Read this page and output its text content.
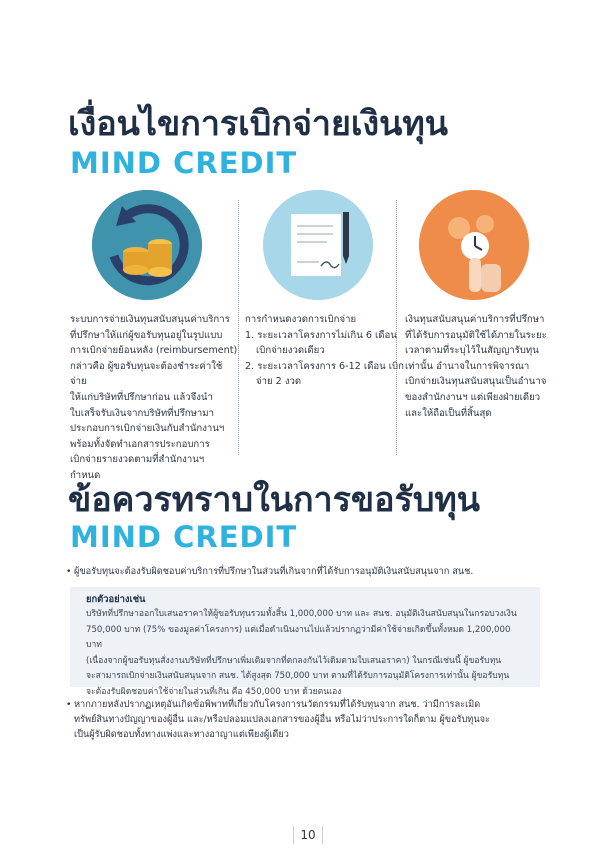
เงื่อนไขการเบิกจ่ายเงินทุน
MIND CREDIT

ระบบการจ่ายเงินทุนสนับสนุนค่าบริการ

ที่ปรึกษาให้แก่ผู้ขอรับทุนอยู่ในรูปแบบ

การเบิกจ่ายย้อนหลัง (reimbursement)

กล่าวคือ ผู้ขอรับทุนจะต้องชำระค่าใช้จ่าย

ให้แก่บริษัทที่ปรึกษาก่อน แล้วจึงนำ

ใบเสร็จรับเงินจากบริษัทที่ปรึกษามา

ประกอบการเบิกจ่ายเงินกับสำนักงานฯ

พร้อมทั้งจัดทำเอกสารประกอบการ

เบิกจ่ายรายงวดตามที่สำนักงานฯ

กำหนด

การกำหนดงวดการเบิกจ่าย

1. ระยะเวลาโครงการไม่เกิน 6 เดือน เบิกจ่ายงวดเดียว
2. ระยะเวลาโครงการ 6-12 เดือน เบิกจ่าย 2 งวด

เงินทุนสนับสนุนค่าบริการที่ปรึกษา

ที่ได้รับการอนุมัติใช้ได้ภายในระยะ

เวลาตามที่ระบุไว้ในสัญญารับทุน

เท่านั้น อำนาจในการพิจารณา

เบิกจ่ายเงินทุนสนับสนุนเป็นอำนาจ

ของสำนักงานฯ แต่เพียงฝ่ายเดียว

และให้ถือเป็นที่สิ้นสุด

ข้อควรทราบในการขอรับทุน
MIND CREDIT
• ผู้ขอรับทุนจะต้องรับผิดชอบค่าบริการที่ปรึกษาในส่วนที่เกินจากที่ได้รับการอนุมัติเงินสนับสนุนจาก สนช.
ยกตัวอย่างเช่น
บริษัทที่ปรึกษาออกใบเสนอราคาให้ผู้ขอรับทุนรวมทั้งสิ้น 1,000,000 บาท และ สนช. อนุมัติเงินสนับสนุนในกรอบวงเงิน
750,000 บาท (75% ของมูลค่าโครงการ) แต่เมื่อดำเนินงานไปแล้วปรากฏว่ามีค่าใช้จ่ายเกิดขึ้นทั้งหมด 1,200,000 บาท
(เนื่องจากผู้ขอรับทุนสั่งงานบริษัทที่ปรึกษาเพิ่มเติมจากที่ตกลงกันไว้เดิมตามใบเสนอราคา) ในกรณีเช่นนี้ ผู้ขอรับทุน
จะสามารถเบิกจ่ายเงินสนับสนุนจาก สนช. ได้สูงสุด 750,000 บาท ตามที่ได้รับการอนุมัติโครงการเท่านั้น ผู้ขอรับทุน
จะต้องรับผิดชอบค่าใช้จ่ายในส่วนที่เกิน คือ 450,000 บาท ด้วยตนเอง
• หากภายหลังปรากฏเหตุอันเกิดข้อพิพาทที่เกี่ยวกับโครงการนวัตกรรมที่ได้รับทุนจาก สนช. ว่ามีการละเมิด
ทรัพย์สินทางปัญญาของผู้อื่น และ/หรือปลอมแปลงเอกสารของผู้อื่น หรือไม่ว่าประการใดก็ตาม ผู้ขอรับทุนจะ
เป็นผู้รับผิดชอบทั้งทางแพ่งและทางอาญาแต่เพียงผู้เดียว
10
